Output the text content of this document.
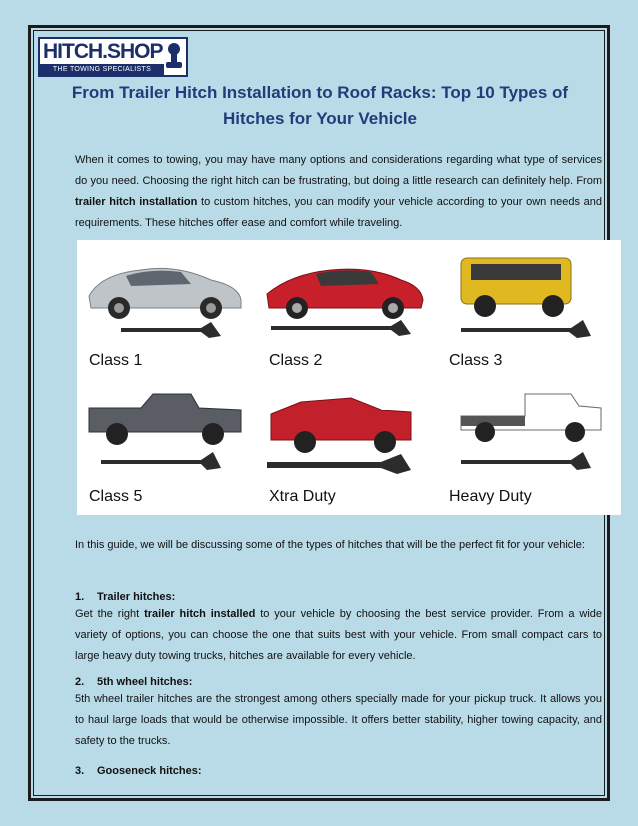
HITCH.SHOP
THE TOWING SPECIALISTS
From Trailer Hitch Installation to Roof Racks: Top 10 Types of Hitches for Your Vehicle

When it comes to towing, you may have many options and considerations regarding what type of services do you need. Choosing the right hitch can be frustrating, but doing a little research can definitely help. From trailer hitch installation to custom hitches, you can modify your vehicle according to your own needs and requirements. These hitches offer ease and comfort while traveling.

Class 1	Class 2	Class 3
Class 5	Xtra Duty	Heavy Duty

In this guide, we will be discussing some of the types of hitches that will be the perfect fit for your vehicle:

1. Trailer hitches:

Get the right trailer hitch installed to your vehicle by choosing the best service provider. From a wide variety of options, you can choose the one that suits best with your vehicle. From small compact cars to large heavy duty towing trucks, hitches are available for every vehicle.

2. 5th wheel hitches:

5th wheel trailer hitches are the strongest among others specially made for your pickup truck. It allows you to haul large loads that would be otherwise impossible. It offers better stability, higher towing capacity, and safety to the trucks.

3. Gooseneck hitches:
